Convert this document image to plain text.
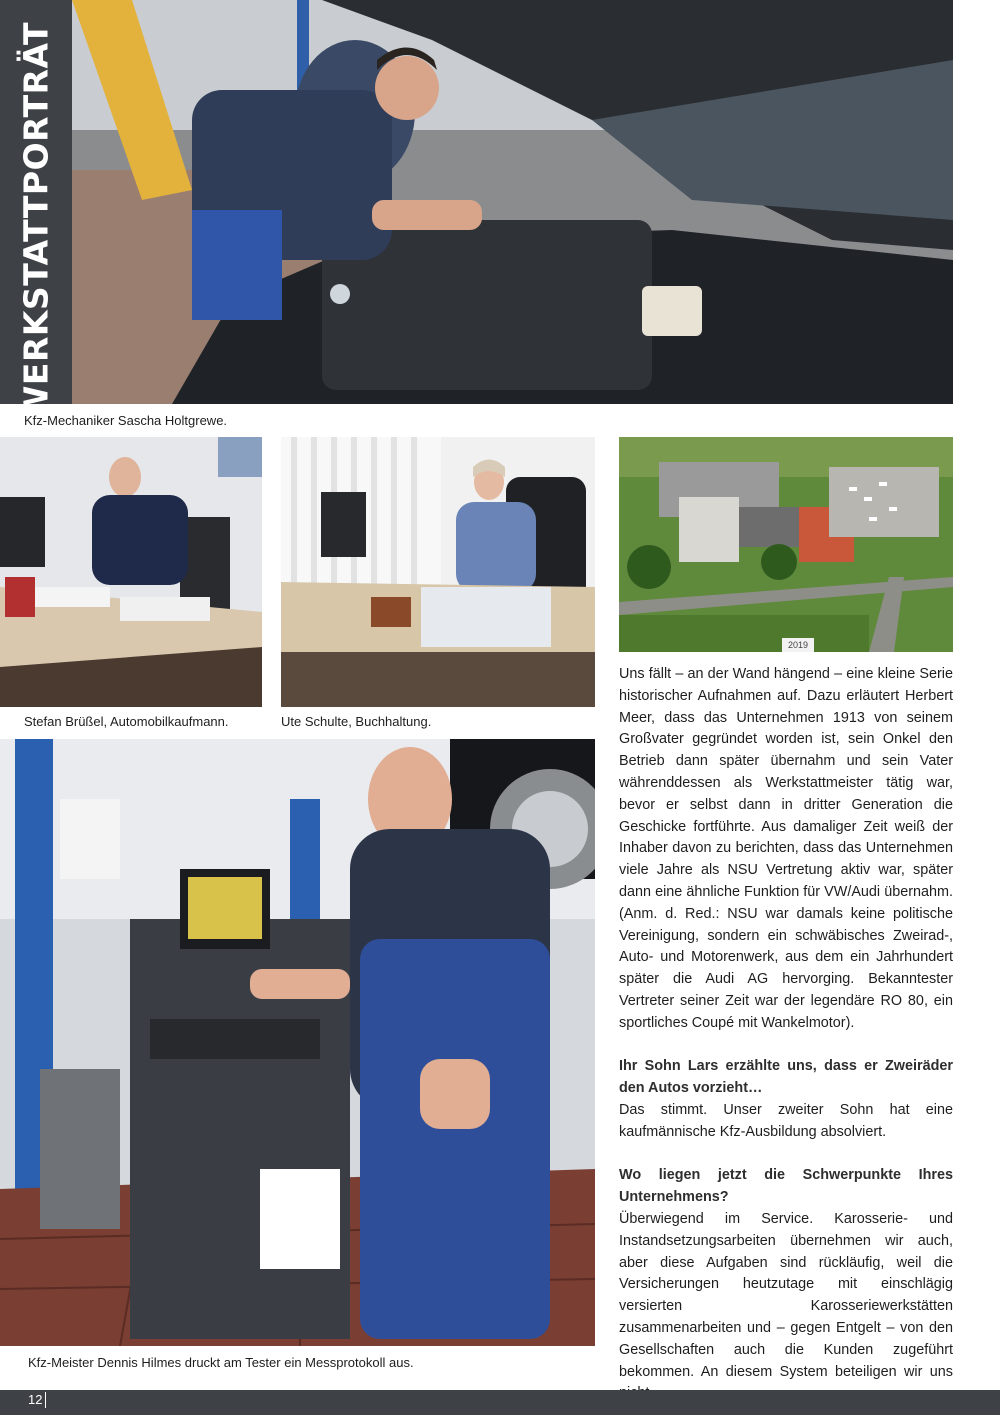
WERKSTATTPORTRÄT
Kfz-Mechaniker Sascha Holtgrewe.
Stefan Brüßel, Automobilkaufmann.	Ute Schulte, Buchhaltung.
2019
Kfz-Meister Dennis Hilmes druckt am Tester ein Messprotokoll aus.

Uns fällt – an der Wand hängend – eine kleine Serie historischer Aufnahmen auf. Dazu erläutert Herbert Meer, dass das Unternehmen 1913 von seinem Großvater gegründet worden ist, sein Onkel den Betrieb dann später übernahm und sein Vater währenddessen als Werkstattmeister tätig war, bevor er selbst dann in dritter Generation die Geschicke fortführte. Aus damaliger Zeit weiß der Inhaber davon zu berichten, dass das Unternehmen viele Jahre als NSU Vertretung aktiv war, später dann eine ähnliche Funktion für VW/Audi übernahm. (Anm. d. Red.: NSU war damals keine politische Vereinigung, sondern ein schwäbisches Zweirad-, Auto- und Motorenwerk, aus dem ein Jahrhundert später die Audi AG hervorging. Bekanntester Vertreter seiner Zeit war der legendäre RO 80, ein sportliches Coupé mit Wankelmotor).

Ihr Sohn Lars erzählte uns, dass er Zweiräder den Autos vorzieht…

Das stimmt. Unser zweiter Sohn hat eine kaufmännische Kfz-Ausbildung absolviert.

Wo liegen jetzt die Schwerpunkte Ihres Unternehmens?

Überwiegend im Service. Karosserie- und Instandsetzungsarbeiten übernehmen wir auch, aber diese Aufgaben sind rückläufig, weil die Versicherungen heutzutage mit einschlägig versierten Karosseriewerkstätten zusammenarbeiten und – gegen Entgelt – von den Gesellschaften auch die Kunden zugeführt bekommen. An diesem System beteiligen wir uns

12
